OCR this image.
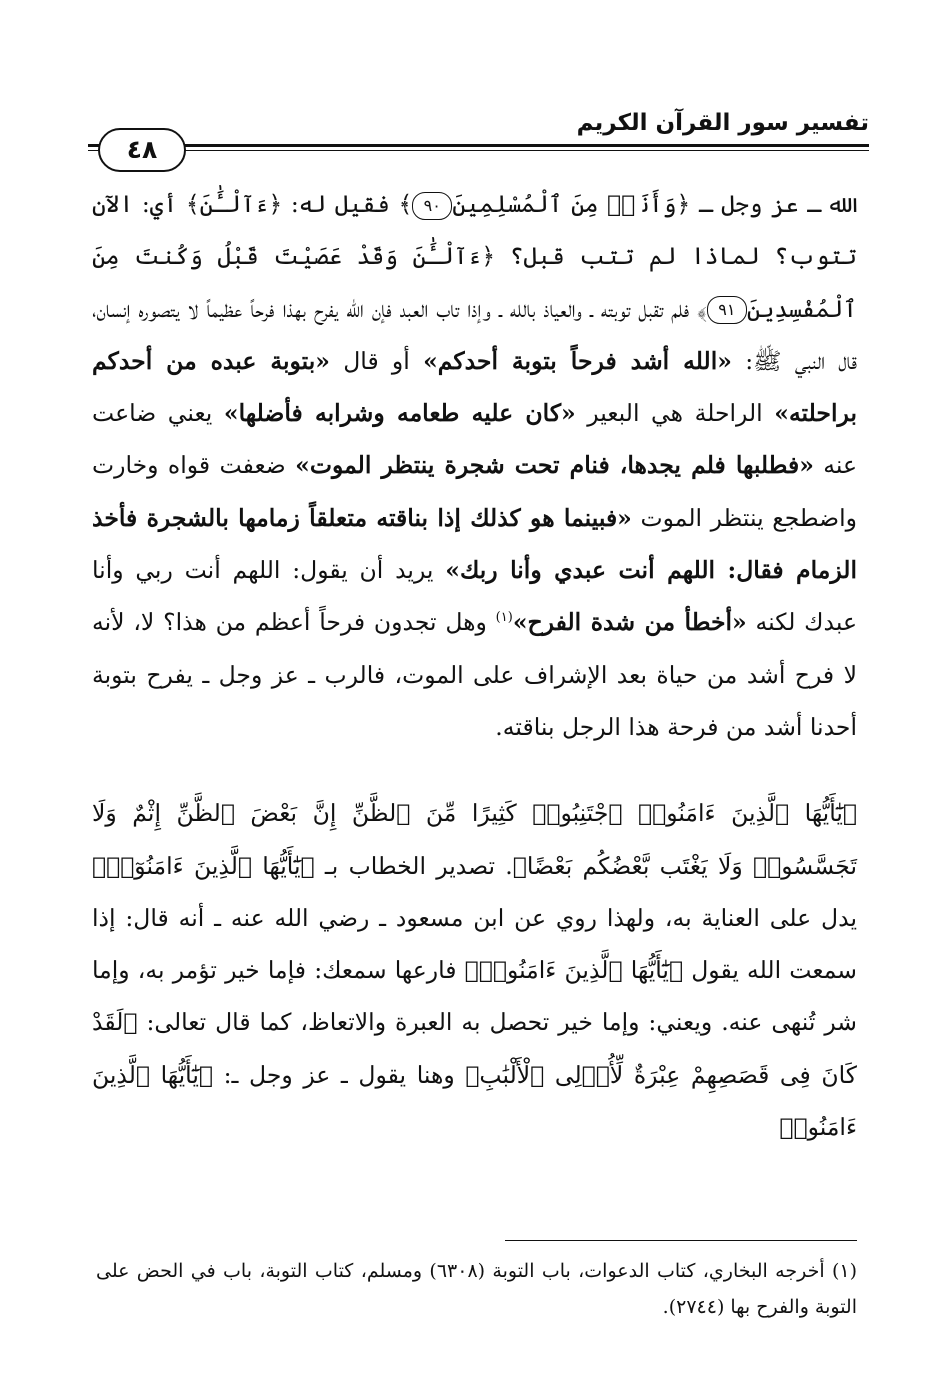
تفسير سور القرآن الكريم
٤٨

الله ـ عز وجل ـ ﴿وَأَنَا۠ مِنَ ٱلْمُسْلِمِينَ٩٠﴾ فقيل له: ﴿ءَآلْـَٰٔنَ﴾ أي: الآن تتوب؟ لماذا لم تتب قبل؟ ﴿ءَآلْـَٰٔنَ وَقَدْ عَصَيْتَ قَبْلُ وَكُنتَ مِنَ ٱلْمُفْسِدِينَ٩١﴾ فلم تقبل توبته ـ والعياذ بالله ـ وإذا تاب العبد فإن الله يفرح بهذا فرحاً عظيماً لا يتصوره إنسان، قال النبي ﷺ: «الله أشد فرحاً بتوبة أحدكم» أو قال «بتوبة عبده من أحدكم براحلته» الراحلة هي البعير «كان عليه طعامه وشرابه فأضلها» يعني ضاعت عنه «فطلبها فلم يجدها، فنام تحت شجرة ينتظر الموت» ضعفت قواه وخارت واضطجع ينتظر الموت «فبينما هو كذلك إذا بناقته متعلقاً زمامها بالشجرة فأخذ الزمام فقال: اللهم أنت عبدي وأنا ربك» يريد أن يقول: اللهم أنت ربي وأنا عبدك لكنه «أخطأ من شدة الفرح»$^{(١)}$ وهل تجدون فرحاً أعظم من هذا؟ لا، لأنه لا فرح أشد من حياة بعد الإشراف على الموت، فالرب ـ عز وجل ـ يفرح بتوبة أحدنا أشد من فرحة هذا الرجل بناقته.

﴿يَٰٓأَيُّهَا ٱلَّذِينَ ءَامَنُوا۟ ٱجْتَنِبُوا۟ كَثِيرًا مِّنَ ٱلظَّنِّ إِنَّ بَعْضَ ٱلظَّنِّ إِثْمٌ وَلَا تَجَسَّسُوا۟ وَلَا يَغْتَب بَّعْضُكُم بَعْضًا﴾. تصدير الخطاب بـ ﴿يَٰٓأَيُّهَا ٱلَّذِينَ ءَامَنُوٓا۟﴾ يدل على العناية به، ولهذا روي عن ابن مسعود ـ رضي الله عنه ـ أنه قال: إذا سمعت الله يقول ﴿يَٰٓأَيُّهَا ٱلَّذِينَ ءَامَنُوا۟﴾ فارعها سمعك: فإما خير تؤمر به، وإما شر تُنهى عنه. ويعني: وإما خير تحصل به العبرة والاتعاظ، كما قال تعالى: ﴿لَقَدْ كَانَ فِى قَصَصِهِمْ عِبْرَةٌ لِّأُو۟لِى ٱلْأَلْبَٰبِ﴾ وهنا يقول ـ عز وجل ـ: ﴿يَٰٓأَيُّهَا ٱلَّذِينَ ءَامَنُوا۟

(١) أخرجه البخاري، كتاب الدعوات، باب التوبة (٦٣٠٨) ومسلم، كتاب التوبة، باب في الحض على التوبة والفرح بها (٢٧٤٤).
